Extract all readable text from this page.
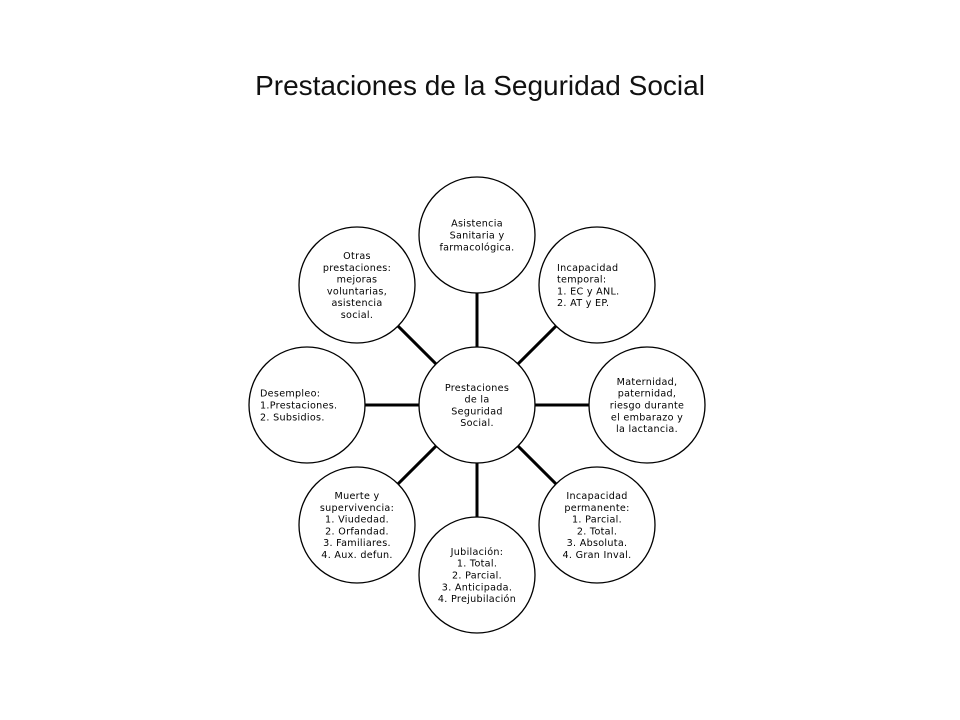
Prestaciones de la Seguridad Social
Prestaciones
de la
Seguridad
Social.
Asistencia
Sanitaria y
farmacológica.
Incapacidad
temporal:
1. EC y ANL.
2. AT y EP.
Maternidad,
paternidad,
riesgo durante
el embarazo y
la lactancia.
Incapacidad
permanente:
1. Parcial.
2. Total.
3. Absoluta.
4. Gran Inval.
Jubilación:
1. Total.
2. Parcial.
3. Anticipada.
4. Prejubilación
Muerte y
supervivencia:
1. Viudedad.
2. Orfandad.
3. Familiares.
4. Aux. defun.
Desempleo:
1.Prestaciones.
2. Subsidios.
Otras
prestaciones:
mejoras
voluntarias,
asistencia
social.
